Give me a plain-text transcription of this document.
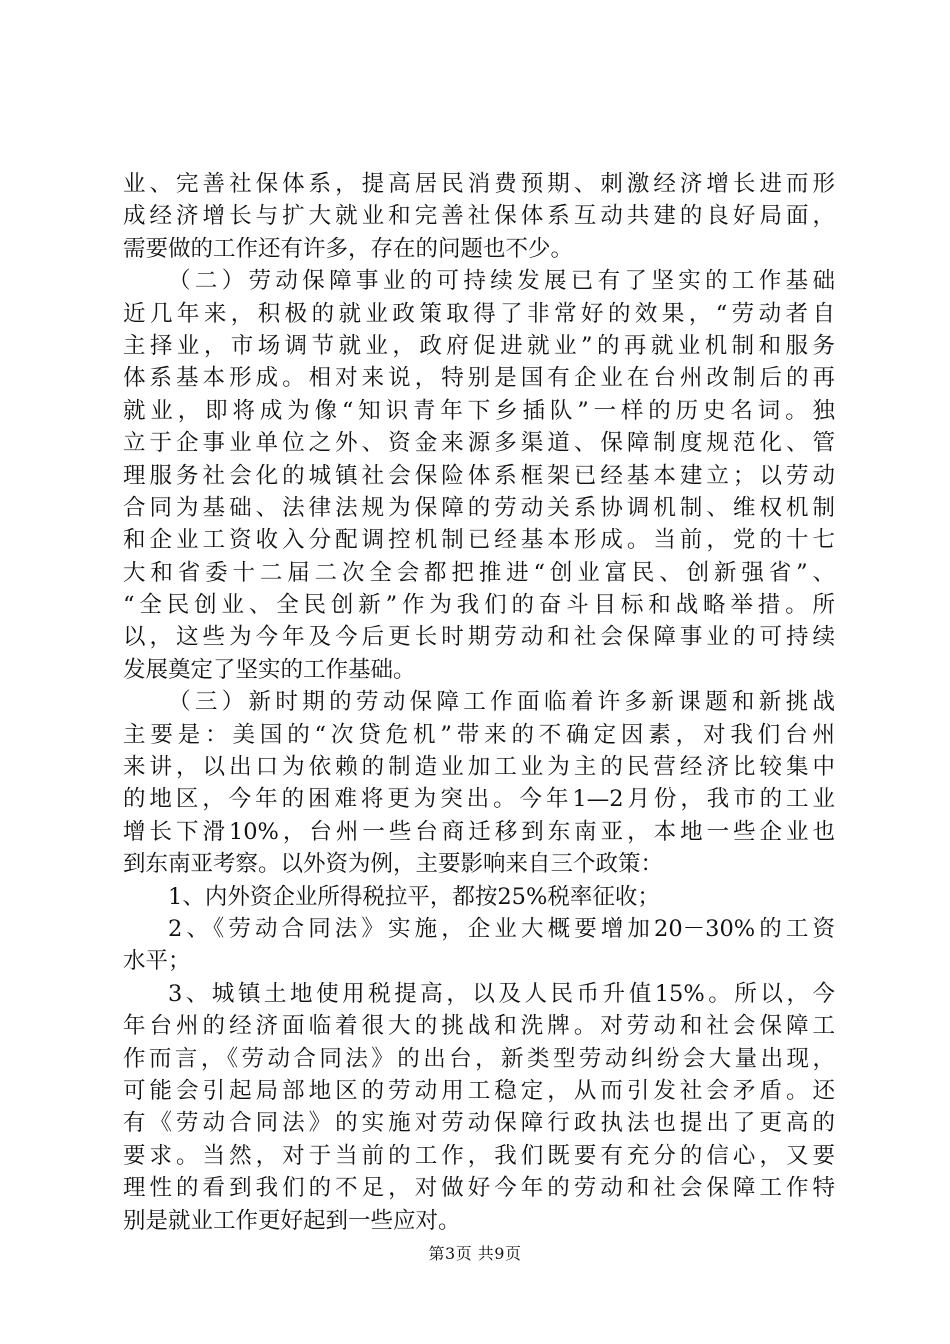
业、完善社保体系，提高居民消费预期、刺激经济增长进而形
成经济增长与扩大就业和完善社保体系互动共建的良好局面，
需要做的工作还有许多，存在的问题也不少。
（二）劳动保障事业的可持续发展已有了坚实的工作基础
近几年来，积极的就业政策取得了非常好的效果，“劳动者自
主择业，市场调节就业，政府促进就业”的再就业机制和服务
体系基本形成。相对来说，特别是国有企业在台州改制后的再
就业，即将成为像“知识青年下乡插队”一样的历史名词。独
立于企事业单位之外、资金来源多渠道、保障制度规范化、管
理服务社会化的城镇社会保险体系框架已经基本建立；以劳动
合同为基础、法律法规为保障的劳动关系协调机制、维权机制
和企业工资收入分配调控机制已经基本形成。当前，党的十七
大和省委十二届二次全会都把推进“创业富民、创新强省”、
“全民创业、全民创新”作为我们的奋斗目标和战略举措。所
以，这些为今年及今后更长时期劳动和社会保障事业的可持续
发展奠定了坚实的工作基础。
（三）新时期的劳动保障工作面临着许多新课题和新挑战
主要是：美国的“次贷危机”带来的不确定因素，对我们台州
来讲，以出口为依赖的制造业加工业为主的民营经济比较集中
的地区，今年的困难将更为突出。今年1—2月份，我市的工业
增长下滑10%，台州一些台商迁移到东南亚，本地一些企业也
到东南亚考察。以外资为例，主要影响来自三个政策：
1、内外资企业所得税拉平，都按25%税率征收；
2、《劳动合同法》实施，企业大概要增加20－30%的工资
水平；
3、城镇土地使用税提高，以及人民币升值15%。所以，今
年台州的经济面临着很大的挑战和洗牌。对劳动和社会保障工
作而言，《劳动合同法》的出台，新类型劳动纠纷会大量出现，
可能会引起局部地区的劳动用工稳定，从而引发社会矛盾。还
有《劳动合同法》的实施对劳动保障行政执法也提出了更高的
要求。当然，对于当前的工作，我们既要有充分的信心，又要
理性的看到我们的不足，对做好今年的劳动和社会保障工作特
别是就业工作更好起到一些应对。
第3页 共9页
